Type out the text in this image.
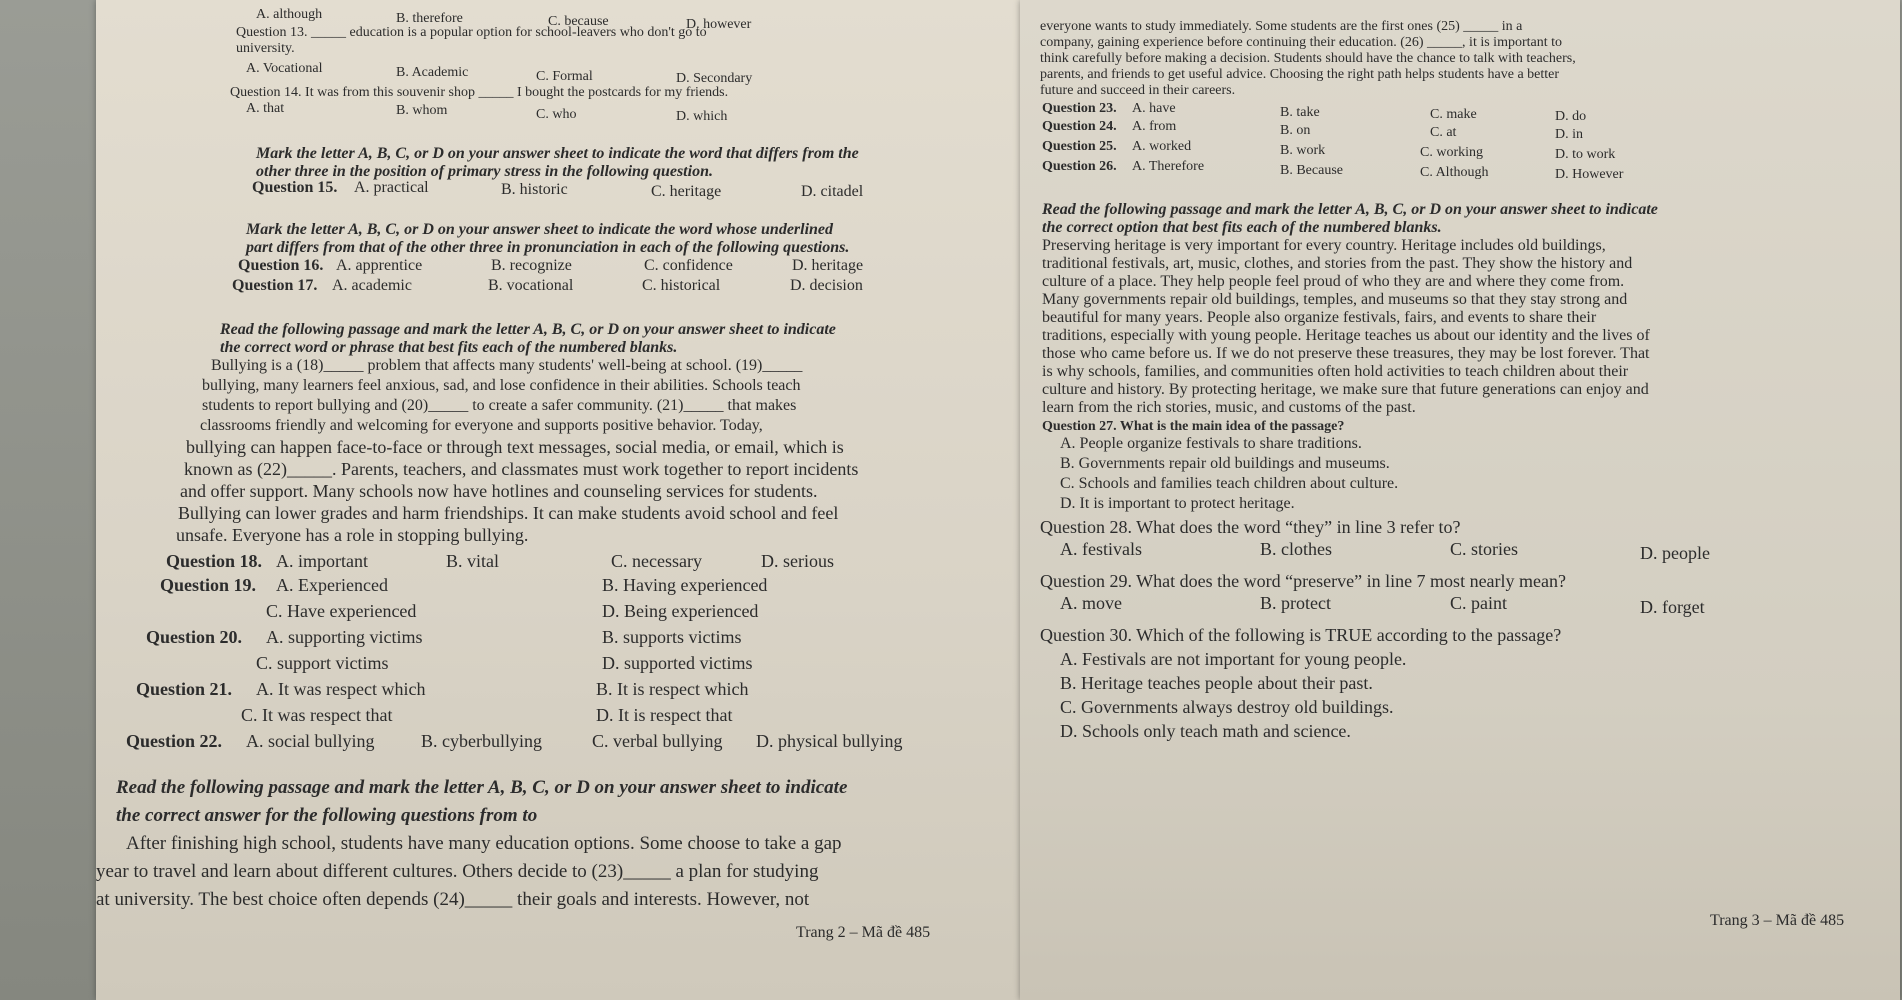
A. although	B. therefore	C. because	D. however
Question 13. _____ education is a popular option for school-leavers who don't go to
university.
A. Vocational	B. Academic	C. Formal	D. Secondary
Question 14. It was from this souvenir shop _____ I bought the postcards for my friends.
A. that	B. whom	C. who	D. which
Mark the letter A, B, C, or D on your answer sheet to indicate the word that differs from the
other three in the position of primary stress in the following question.
Question 15. A. practical	B. historic	C. heritage	D. citadel
Mark the letter A, B, C, or D on your answer sheet to indicate the word whose underlined
part differs from that of the other three in pronunciation in each of the following questions.
Question 16. A. apprentice	B. recognize	C. confidence	D. heritage
Question 17. A. academic	B. vocational	C. historical	D. decision
Read the following passage and mark the letter A, B, C, or D on your answer sheet to indicate
the correct word or phrase that best fits each of the numbered blanks.
Bullying is a (18)_____ problem that affects many students' well-being at school. (19)_____
bullying, many learners feel anxious, sad, and lose confidence in their abilities. Schools teach
students to report bullying and (20)_____ to create a safer community. (21)_____ that makes
classrooms friendly and welcoming for everyone and supports positive behavior. Today,
bullying can happen face-to-face or through text messages, social media, or email, which is
known as (22)_____. Parents, teachers, and classmates must work together to report incidents
and offer support. Many schools now have hotlines and counseling services for students.
Bullying can lower grades and harm friendships. It can make students avoid school and feel
unsafe. Everyone has a role in stopping bullying.
Question 18. A. important	B. vital	C. necessary	D. serious
Question 19. A. Experienced	B. Having experienced
C. Have experienced	D. Being experienced
Question 20. A. supporting victims	B. supports victims
C. support victims	D. supported victims
Question 21. A. It was respect which	B. It is respect which
C. It was respect that	D. It is respect that
Question 22. A. social bullying	B. cyberbullying	C. verbal bullying D. physical bullying
Read the following passage and mark the letter A, B, C, or D on your answer sheet to indicate
the correct answer for the following questions from to
After finishing high school, students have many education options. Some choose to take a gap
year to travel and learn about different cultures. Others decide to (23)_____ a plan for studying
at university. The best choice often depends (24)_____ their goals and interests. However, not
Trang 2 – Mã đề 485
everyone wants to study immediately. Some students are the first ones (25) _____ in a
company, gaining experience before continuing their education. (26) _____, it is important to
think carefully before making a decision. Students should have the chance to talk with teachers,
parents, and friends to get useful advice. Choosing the right path helps students have a better
future and succeed in their careers.
Question 23. A. have	B. take	C. make	D. do
Question 24. A. from	B. on	C. at	D. in
Question 25. A. worked	B. work	C. working	D. to work
Question 26. A. Therefore	B. Because	C. Although	D. However
Read the following passage and mark the letter A, B, C, or D on your answer sheet to indicate
the correct option that best fits each of the numbered blanks.
Preserving heritage is very important for every country. Heritage includes old buildings,
traditional festivals, art, music, clothes, and stories from the past. They show the history and
culture of a place. They help people feel proud of who they are and where they come from.
Many governments repair old buildings, temples, and museums so that they stay strong and
beautiful for many years. People also organize festivals, fairs, and events to share their
traditions, especially with young people. Heritage teaches us about our identity and the lives of
those who came before us. If we do not preserve these treasures, they may be lost forever. That
is why schools, families, and communities often hold activities to teach children about their
culture and history. By protecting heritage, we make sure that future generations can enjoy and
learn from the rich stories, music, and customs of the past.
Question 27. What is the main idea of the passage?
A. People organize festivals to share traditions.
B. Governments repair old buildings and museums.
C. Schools and families teach children about culture.
D. It is important to protect heritage.
Question 28. What does the word “they” in line 3 refer to?
A. festivals	B. clothes	C. stories	D. people
Question 29. What does the word “preserve” in line 7 most nearly mean?
A. move	B. protect	C. paint	D. forget
Question 30. Which of the following is TRUE according to the passage?
A. Festivals are not important for young people.
B. Heritage teaches people about their past.
C. Governments always destroy old buildings.
D. Schools only teach math and science.
Trang 3 – Mã đề 485
